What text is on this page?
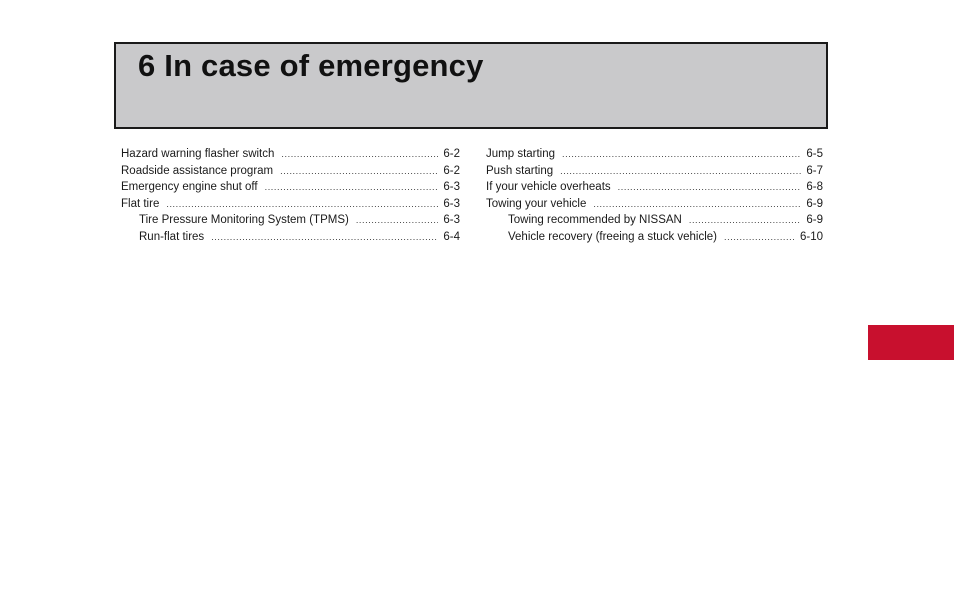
6 In case of emergency
Hazard warning flasher switch .....	6-2
Roadside assistance program .....	6-2
Emergency engine shut off .....	6-3
Flat tire .....	6-3
Tire Pressure Monitoring System (TPMS) .....	6-3
Run-flat tires .....	6-4
Jump starting .....	6-5
Push starting .....	6-7
If your vehicle overheats .....	6-8
Towing your vehicle .....	6-9
Towing recommended by NISSAN .....	6-9
Vehicle recovery (freeing a stuck vehicle) .....	6-10
